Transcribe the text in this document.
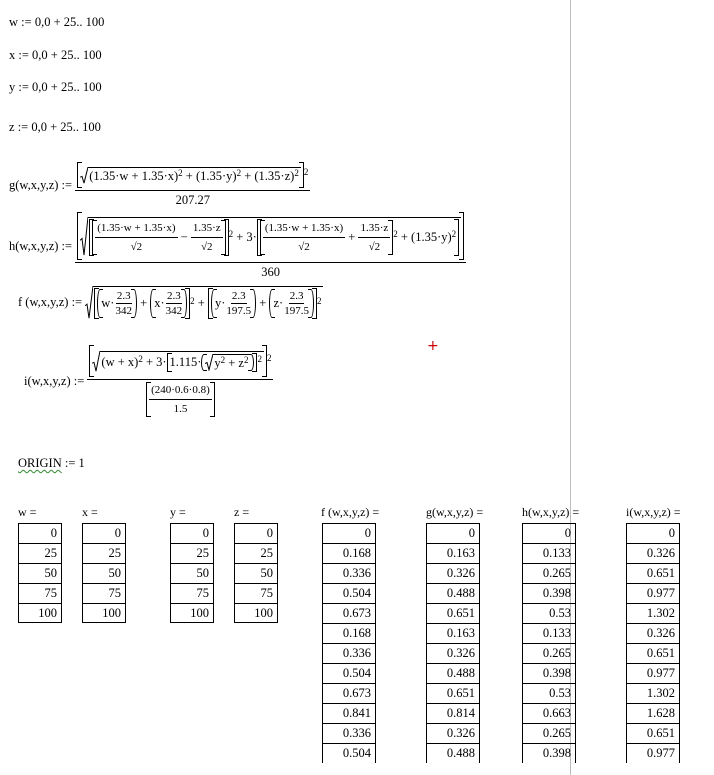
w := 0,0 + 25.. 100
x := 0,0 + 25.. 100
y := 0,0 + 25.. 100
z := 0,0 + 25.. 100
g(w,x,y,z)
:=
$\frac{(1.35\cdot w + 1.35\cdot x)^2 + (1.35\cdot y)^2 + (1.35\cdot z)^2 ^2}{207.27}$
h(w,x,y,z)
:=
$\frac{(1.35\cdot w + 1.35\cdot x)}{√2} - \frac{1.35\cdot z}{√2} ^2 + 3\cdot \frac{(1.35\cdot w + 1.35\cdot x)}{√2} + \frac{1.35\cdot z}{√2} ^2 + (1.35\cdot y)^2$
360
f (w,x,y,z)
:=
	$w\cdot \frac{2.3}{342} + x\cdot \frac{2.3}{342} ^2 + y\cdot \frac{2.3}{197.5} + z\cdot \frac{2.3}{197.5} ^2$
i(w,x,y,z)
:=
$\frac{(w + x)^2 + 3\cdot 1.115\cdot y^2 + z^2 ^2 ^2}{\frac{(240\cdot 0.6\cdot 0.8)}{1.5}}$	+
ORIGIN := 1
w =
0
25
50
75
100
x =
0
25
50
75
100
y =
0
25
50
75
100
z =
0
25
50
75
100
f (w,x,y,z) =
0
0.168
0.336
0.504
0.673
0.168
0.336
0.504
0.673
0.841
0.336
0.504
g(w,x,y,z) =
0
0.163
0.326
0.488
0.651
0.163
0.326
0.488
0.651
0.814
0.326
0.488
h(w,x,y,z) =
0
0.133
0.265
0.398
0.53
0.133
0.265
0.398
0.53
0.663
0.265
0.398
i(w,x,y,z) =
0
0.326
0.651
0.977
1.302
0.326
0.651
0.977
1.302
1.628
0.651
0.977
